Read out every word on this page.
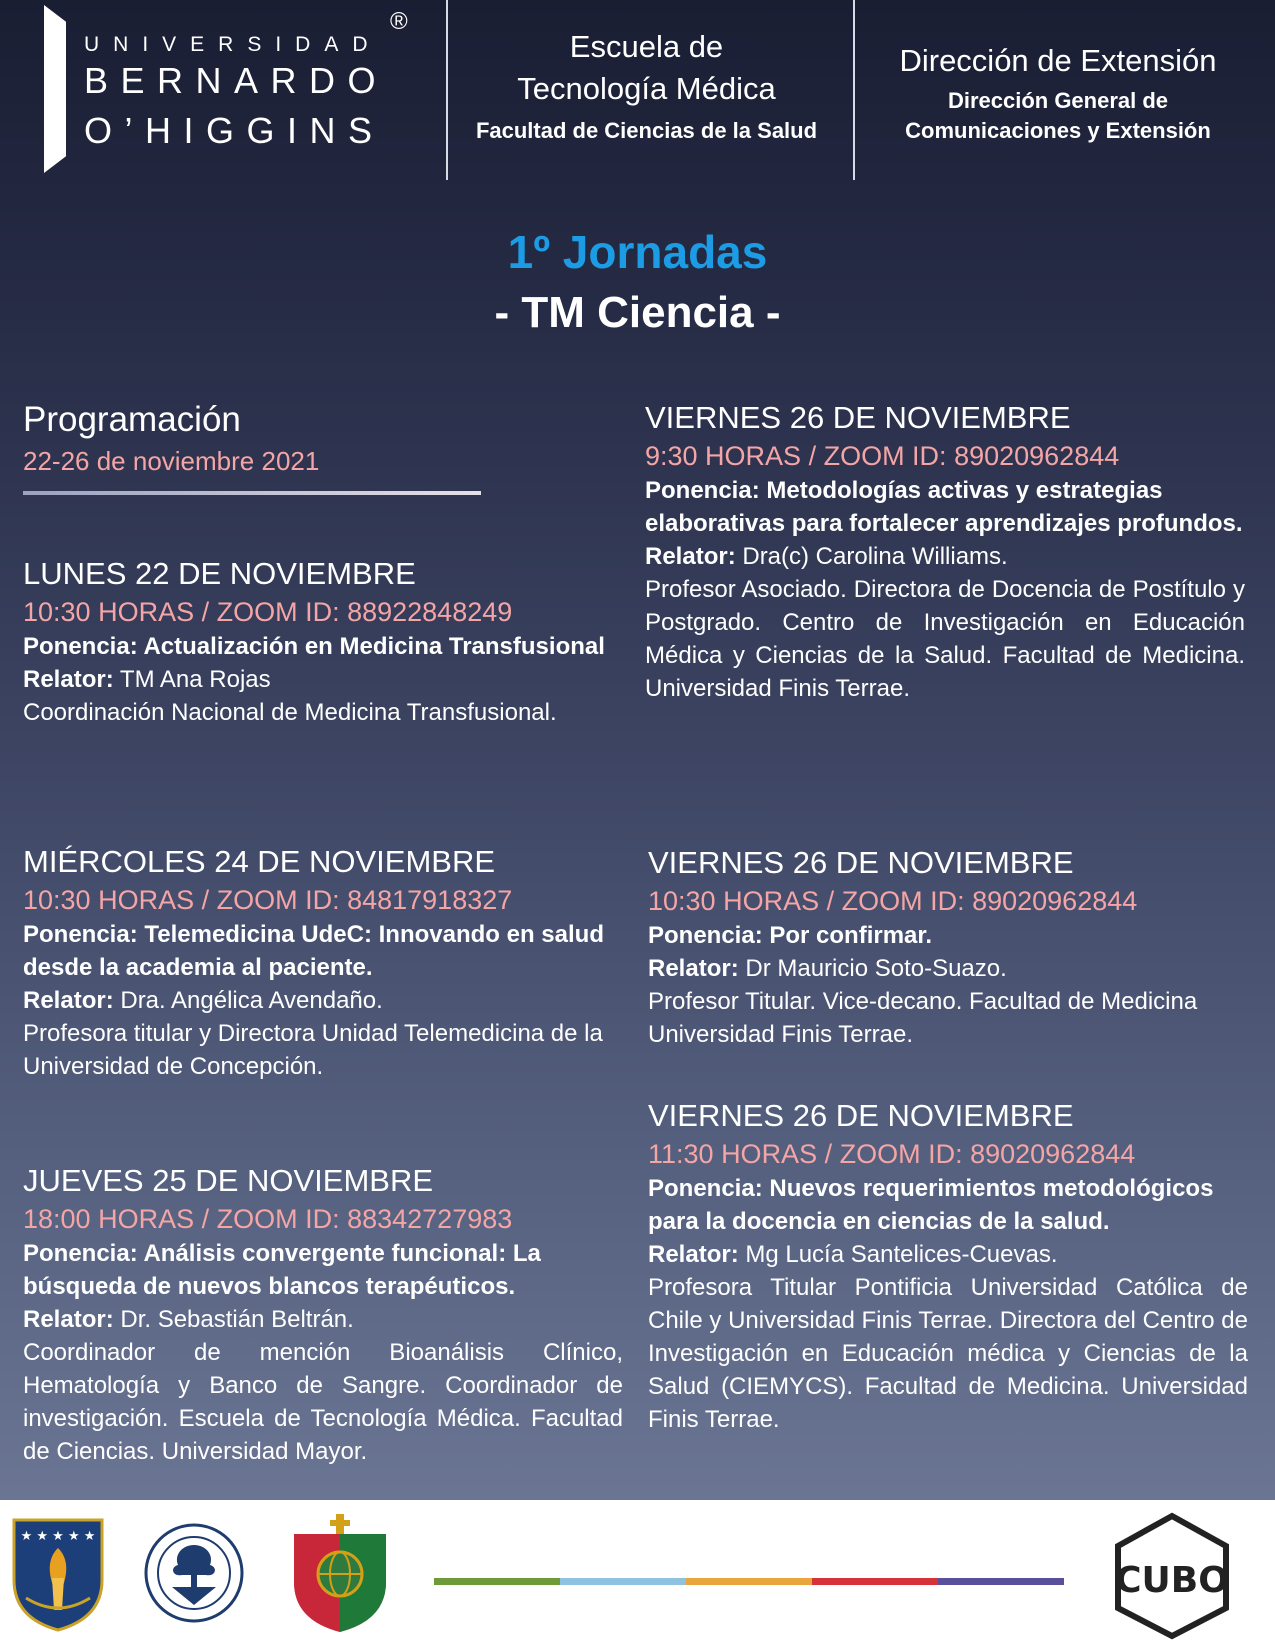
UNIVERSIDAD
BERNARDO
O’HIGGINS
®
Escuela de
Tecnología Médica
Facultad de Ciencias de la Salud
Dirección de Extensión
Dirección General de
Comunicaciones y Extensión
1º Jornadas
- TM Ciencia -
Programación
22-26 de noviembre 2021
LUNES 22 DE NOVIEMBRE
10:30 HORAS / ZOOM ID: 88922848249
Ponencia: Actualización en Medicina Transfusional
Relator: TM Ana Rojas
Coordinación Nacional de Medicina Transfusional.
MIÉRCOLES 24 DE NOVIEMBRE
10:30 HORAS / ZOOM ID: 84817918327
Ponencia: Telemedicina UdeC: Innovando en salud desde la academia al paciente.
Relator: Dra. Angélica Avendaño.
Profesora titular y Directora Unidad Telemedicina de la Universidad de Concepción.
JUEVES 25 DE NOVIEMBRE
18:00 HORAS / ZOOM ID: 88342727983
Ponencia: Análisis convergente funcional: La búsqueda de nuevos blancos terapéuticos.
Relator: Dr. Sebastián Beltrán.
Coordinador de mención Bioanálisis Clínico, Hematología y Banco de Sangre. Coordinador de investigación. Escuela de Tecnología Médica. Facultad de Ciencias. Universidad Mayor.
VIERNES 26 DE NOVIEMBRE
9:30 HORAS / ZOOM ID: 89020962844
Ponencia: Metodologías activas y estrategias elaborativas para fortalecer aprendizajes profundos.
Relator: Dra(c) Carolina Williams.
Profesor Asociado. Directora de Docencia de Postítulo y Postgrado. Centro de Investigación en Educación Médica y Ciencias de la Salud. Facultad de Medicina. Universidad Finis Terrae.
VIERNES 26 DE NOVIEMBRE
10:30 HORAS / ZOOM ID: 89020962844
Ponencia: Por confirmar.
Relator: Dr Mauricio Soto-Suazo.
Profesor Titular. Vice-decano. Facultad de Medicina Universidad Finis Terrae.
VIERNES 26 DE NOVIEMBRE
11:30 HORAS / ZOOM ID: 89020962844
Ponencia: Nuevos requerimientos metodológicos para la docencia en ciencias de la salud.
Relator: Mg Lucía Santelices-Cuevas.
Profesora Titular Pontificia Universidad Católica de Chile y Universidad Finis Terrae. Directora del Centro de Investigación en Educación médica y Ciencias de la Salud (CIEMYCS). Facultad de Medicina. Universidad Finis Terrae.
★ ★ ★ ★ ★
CUBO
